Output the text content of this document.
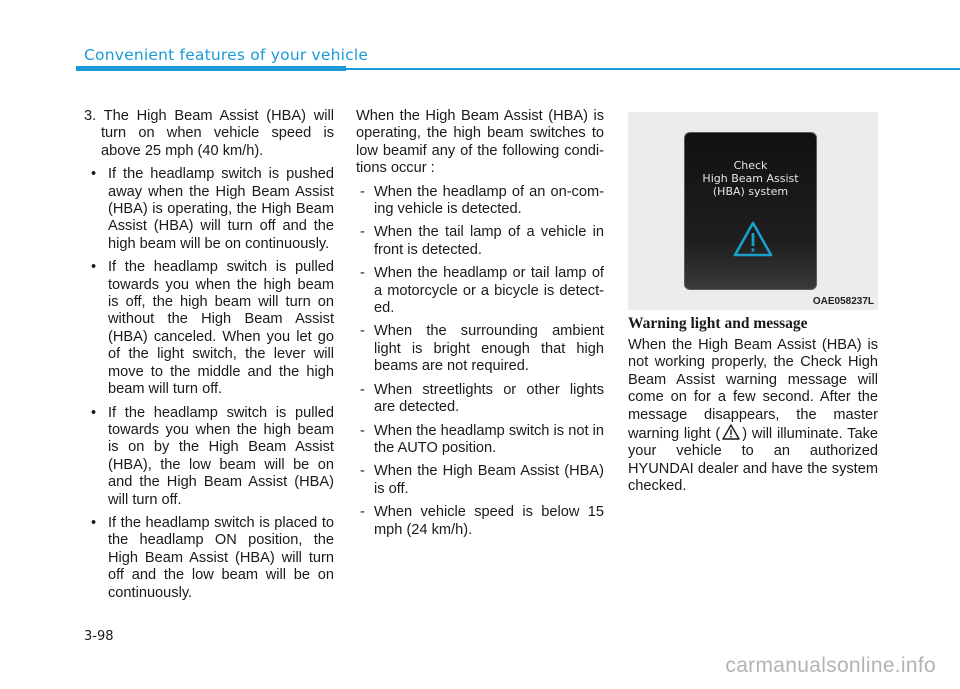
Convenient features of your vehicle

3. The High Beam Assist (HBA) will turn on when vehicle speed is above 25 mph (40 km/h).

• If the headlamp switch is pushed away when the High Beam Assist (HBA) is operating, the High Beam Assist (HBA) will turn off and the high beam will be on continuously.

• If the headlamp switch is pulled towards you when the high beam is off, the high beam will turn on without the High Beam Assist (HBA) canceled. When you let go of the light switch, the lever will move to the middle and the high beam will turn off.

• If the headlamp switch is pulled towards you when the high beam is on by the High Beam Assist (HBA), the low beam will be on and the High Beam Assist (HBA) will turn off.

• If the headlamp switch is placed to the headlamp ON position, the High Beam Assist (HBA) will turn off and the low beam will be on continuously.

When the High Beam Assist (HBA) is operating, the high beam switches to low beamif any of the following condi-tions occur :

- When the headlamp of an on-com-ing vehicle is detected.

- When the tail lamp of a vehicle in front is detected.

- When the headlamp or tail lamp of a motorcycle or a bicycle is detect-ed.

- When the surrounding ambient light is bright enough that high beams are not required.

- When streetlights or other lights are detected.

- When the headlamp switch is not in the AUTO position.

- When the High Beam Assist (HBA) is off.

- When vehicle speed is below 15 mph (24 km/h).

Check
High Beam Assist
(HBA) system
OAE058237L
Warning light and message
When the High Beam Assist (HBA) is not working properly, the Check High Beam Assist warning message will come on for a few second. After the message disappears, the master warning light ( ) will illuminate. Take your vehicle to an authorized HYUNDAI dealer and have the system checked.
3-98
carmanualsonline.info
